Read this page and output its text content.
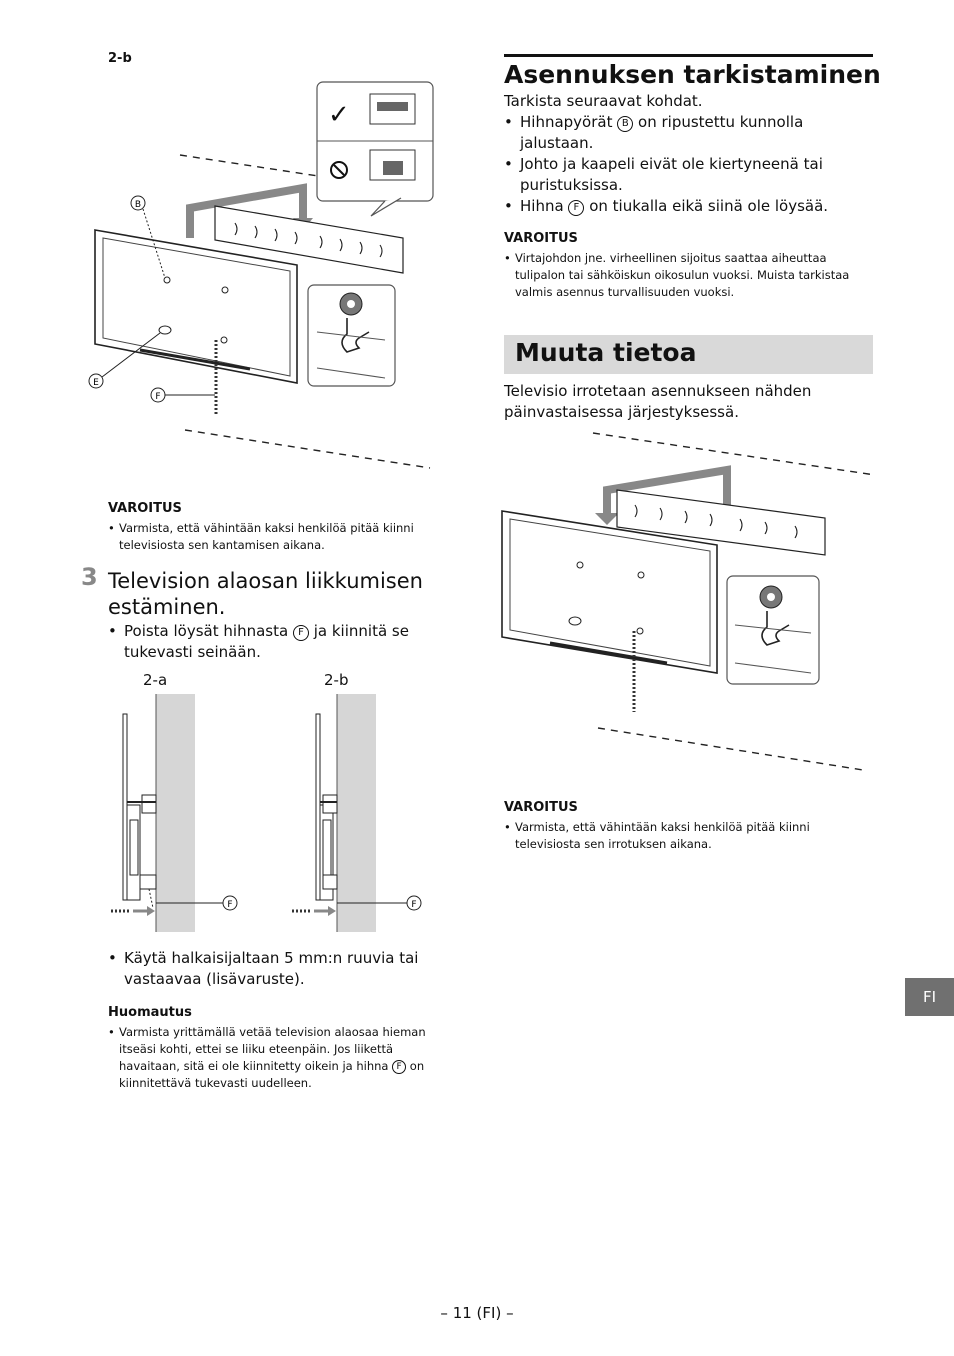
2-b
✓
B
E
F
VAROITUS
• Varmista, että vähintään kaksi henkilöä pitää kiinni televisiosta sen kantamisen aikana.
3 Television alaosan liikkumisen estäminen.
• Poista löysät hihnasta F ja kiinnitä se tukevasti seinään.
2-a	2-b
F	F
• Käytä halkaisijaltaan 5 mm:n ruuvia tai vastaavaa (lisävaruste).
Huomautus
• Varmista yrittämällä vetää television alaosaa hieman itseäsi kohti, ettei se liiku eteenpäin. Jos liikettä havaitaan, sitä ei ole kiinnitetty oikein ja hihna F on kiinnitettävä tukevasti uudelleen.
Asennuksen tarkistaminen
Tarkista seuraavat kohdat.
• Hihnapyörät B on ripustettu kunnolla jalustaan.
• Johto ja kaapeli eivät ole kiertyneenä tai puristuksissa.
• Hihna F on tiukalla eikä siinä ole löysää.
VAROITUS
• Virtajohdon jne. virheellinen sijoitus saattaa aiheuttaa tulipalon tai sähköiskun oikosulun vuoksi. Muista tarkistaa valmis asennus turvallisuuden vuoksi.
Muuta tietoa
Televisio irrotetaan asennukseen nähden päinvastaisessa järjestyksessä.
VAROITUS
• Varmista, että vähintään kaksi henkilöä pitää kiinni televisiosta sen irrotuksen aikana.
FI
– 11 (FI) –
